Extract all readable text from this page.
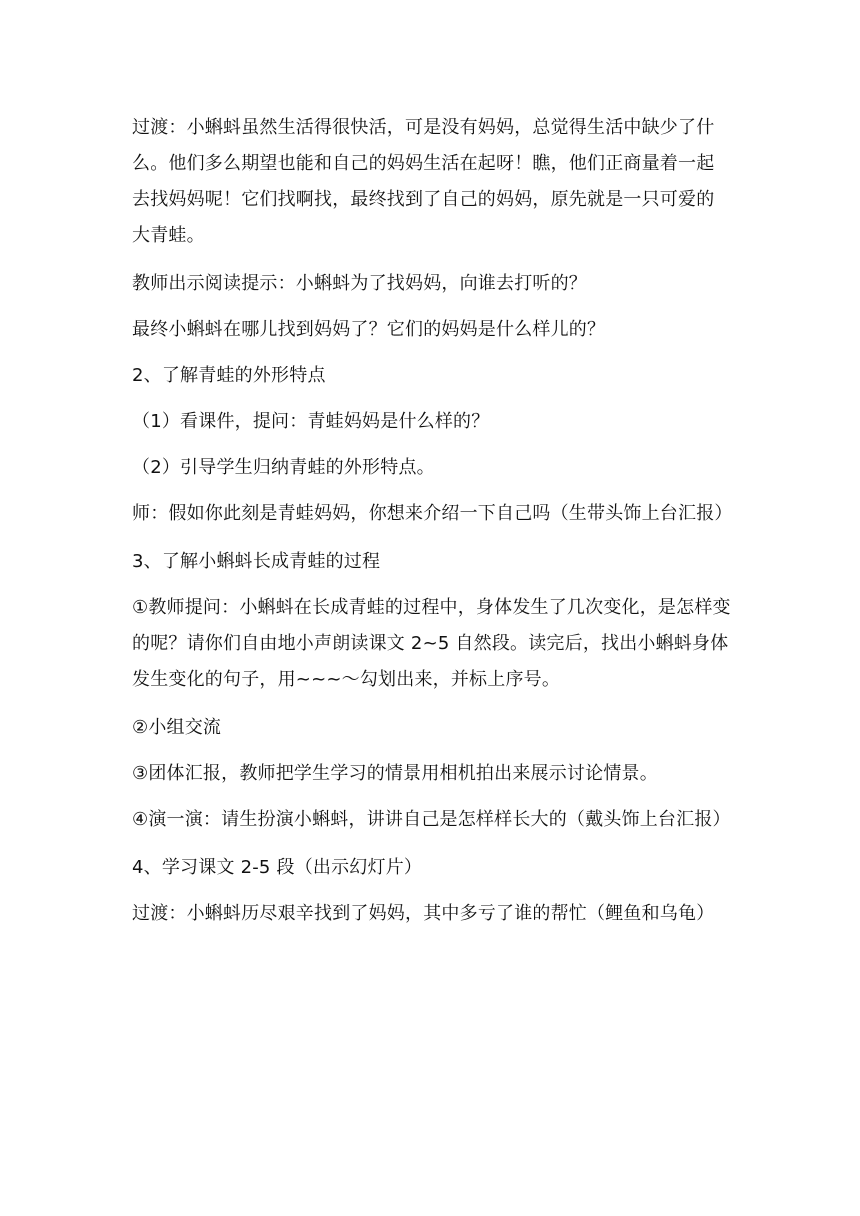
过渡：小蝌蚪虽然生活得很快活，可是没有妈妈，总觉得生活中缺少了什么。他们多么期望也能和自己的妈妈生活在起呀！瞧，他们正商量着一起去找妈妈呢！它们找啊找，最终找到了自己的妈妈，原先就是一只可爱的大青蛙。

教师出示阅读提示：小蝌蚪为了找妈妈，向谁去打听的？

最终小蝌蚪在哪儿找到妈妈了？它们的妈妈是什么样儿的？

2、了解青蛙的外形特点

（1）看课件，提问：青蛙妈妈是什么样的？

（2）引导学生归纳青蛙的外形特点。

师：假如你此刻是青蛙妈妈，你想来介绍一下自己吗（生带头饰上台汇报）

3、了解小蝌蚪长成青蛙的过程

①教师提问：小蝌蚪在长成青蛙的过程中，身体发生了几次变化，是怎样变的呢？请你们自由地小声朗读课文 2~5 自然段。读完后，找出小蝌蚪身体发生变化的句子，用~~~～勾划出来，并标上序号。

②小组交流

③团体汇报，教师把学生学习的情景用相机拍出来展示讨论情景。

④演一演：请生扮演小蝌蚪，讲讲自己是怎样样长大的（戴头饰上台汇报）

4、学习课文 2-5 段（出示幻灯片）

过渡：小蝌蚪历尽艰辛找到了妈妈，其中多亏了谁的帮忙（鲤鱼和乌龟）
